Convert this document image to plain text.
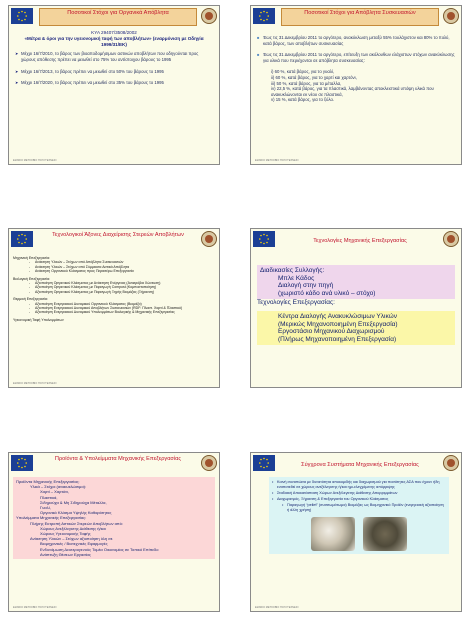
Ποσοτικοί Στόχοι για Οργανικά Απόβλητα
ΚΥΑ 29407/3508/2002
«Μέτρα & όροι για την υγειονομική ταφή των αποβλήτων» (εναρμόνιση με Οδηγία 1999/31/ΕΚ)
➤ Μέχρι 16/7/2010, το βάρος των βιοαποδομήσιμων αστικών αποβλήτων που οδηγούνται προς χώρους απόθεσης πρέπει να μειωθεί στο 75% του αντίστοιχου βάρους το 1995
➤ Μέχρι 16/7/2013, το βάρος πρέπει να μειωθεί στο 50% του βάρους το 1995
➤ Μέχρι 16/7/2020, το βάρος πρέπει να μειωθεί στο 35% του βάρους το 1995
ΕΘΝΙΚΟ ΜΕΤΣΟΒΙΟ ΠΟΛΥΤΕΧΝΕΙΟ
Ποσοτικοί Στόχοι για Απόβλητα Συσκευασιών
■ Έως τις 31 Δεκεμβρίου 2011 το αργότερο, ανακύκλωση μεταξύ 55% τουλάχιστον και 80% το πολύ, κατά βάρος, των αποβλήτων συσκευασίας
■ Έως τις 31 Δεκεμβρίου 2011 το αργότερο, επίτευξη των ακόλουθων ελάχιστων στόχων ανακύκλωσης για υλικά που περιέχονται σε απόβλητα συσκευασίας:
i) 60 %, κατά βάρος, για το γυαλί,
ii) 60 %, κατά βάρος, για το χαρτί και χαρτόνι,
iii) 50 %, κατά βάρος, για τα μέταλλα,
iv) 22,5 %, κατά βάρος, για τα πλαστικά, λαμβάνοντας αποκλειστικά υπόψη υλικά που ανακυκλώνονται εκ νέου σε πλαστικά,
v) 15 %, κατά βάρος, για το ξύλο.
ΕΘΝΙΚΟ ΜΕΤΣΟΒΙΟ ΠΟΛΥΤΕΧΝΕΙΟ
Τεχνολογικοί Άξονες Διαχείρισης Στερεών Αποβλήτων
Μηχανική Επεξεργασία:
- Ανάκτηση Υλικών – Στόχων από Απόβλητα Συσκευασιών
- Ανάκτηση Υλικών – Στόχων από Σύμμεικτα Αστικά Απόβλητα
- Ανάκτηση Οργανικού Κλάσματος προς Περαιτέρω Επεξεργασία
Βιολογική Επεξεργασία:
- Αξιοποίηση Οργανικού Κλάσματος με Ανάκτηση Ενέργειας (Αναερόβια Χώνευση)
- Αξιοποίηση Οργανικού Κλάσματος με Παραγωγή Compost (Κομποστοποίηση)
- Αξιοποίηση Οργανικού Κλάσματος με Παραγωγή Ξηρής Βιομάζας (Ξήρανση)
Θερμική Επεξεργασία:
- Αξιοποίηση Ενεργειακού Δυναμικού Οργανικού Κλάσματος (Βιομάζα)
- Αξιοποίηση Ενεργειακού Δυναμικού Αποβλήτων Συσκευασιών (RDF: Πλαστ. Χαρτί & Πλαστικό)
- Αξιοποίηση Ενεργειακού Δυναμικού Υπολειμμάτων Βιολογικής & Μηχανικής Επεξεργασίας
Υγειονομική Ταφή Υπολειμμάτων
ΕΘΝΙΚΟ ΜΕΤΣΟΒΙΟ ΠΟΛΥΤΕΧΝΕΙΟ
Τεχνολογίες Μηχανικής Επεξεργασίας
Διαδικασίες Συλλογής:
Μπλε Κάδος
Διαλογή στην πηγή
(χωριστό κάδο ανά υλικό – στόχο)
Τεχνολογίες Επεξεργασίας:
Κέντρα Διαλογής Ανακυκλώσιμων Υλικών
(Μερικώς Μηχανοποιημένη Επεξεργασία)
Εργοστάσιο Μηχανικού Διαχωρισμού
(Πλήρως Μηχανοποιημένη Επεξεργασία)
Προϊόντα & Υπολείμματα Μηχανικής Επεξεργασίας
Προϊόντα Μηχανικής Επεξεργασίας:
Υλικά – Στόχοι (ανακυκλώσιμα):
Χαρτί – Χαρτόνι,
Πλαστικά,
Σιδηρούχα & Μη Σιδηρούχα Μέταλλα,
Γυαλί,
Οργανικό Κλάσμα Υψηλής Καθαρότητας
Υπολείμματα Μηχανικής Επεξεργασίας:
Πλήρης Εκτροπή Αστικών Στερεών Αποβλήτων από:
Χώρους Ανεξέλεγκτης Διάθεσης ή/και
Χώρους Υγειονομικής Ταφής
Ανάκτηση Υλικών – Στόχων αξιοποίηση ύλη σε
Βιομηχανικές / Βιοτεχνικές Εφαρμογές
Ενδυνάμωση Δευτερογενούς Τομέα Οικονομίας σε Τοπικό Επίπεδο
Ανάπτυξη Θέσεων Εργασίας
ΕΘΝΙΚΟ ΜΕΤΣΟΒΙΟ ΠΟΛΥΤΕΧΝΕΙΟ
Σύγχρονα Συστήματα Μηχανικής Επεξεργασίας
• Κοινή συνιστώσα με δυνατότητα αποκομιδής και διαχωρισμού για ποσότητες ΑΣΑ που έχουν ήδη εναποτεθεί σε χώρους ανεξέλεγκτης ή/και ημι-ελεγχόμενης απόρριψης
• Σταδιακή Αποκατάσταση Χώρων Ανεξέλεγκτης Διάθεσης Απορριμμάτων
• Διαχωρισμός, Ξήρανση & Επεξεργασία του Οργανικού Κλάσματος
• Παραγωγή “pellet” (συσσωμάτωμα) Βιομάζας ως Βιομηχανικό Προϊόν (ενεργειακή αξιοποίηση ή άλλη χρήση)
ΕΘΝΙΚΟ ΜΕΤΣΟΒΙΟ ΠΟΛΥΤΕΧΝΕΙΟ
